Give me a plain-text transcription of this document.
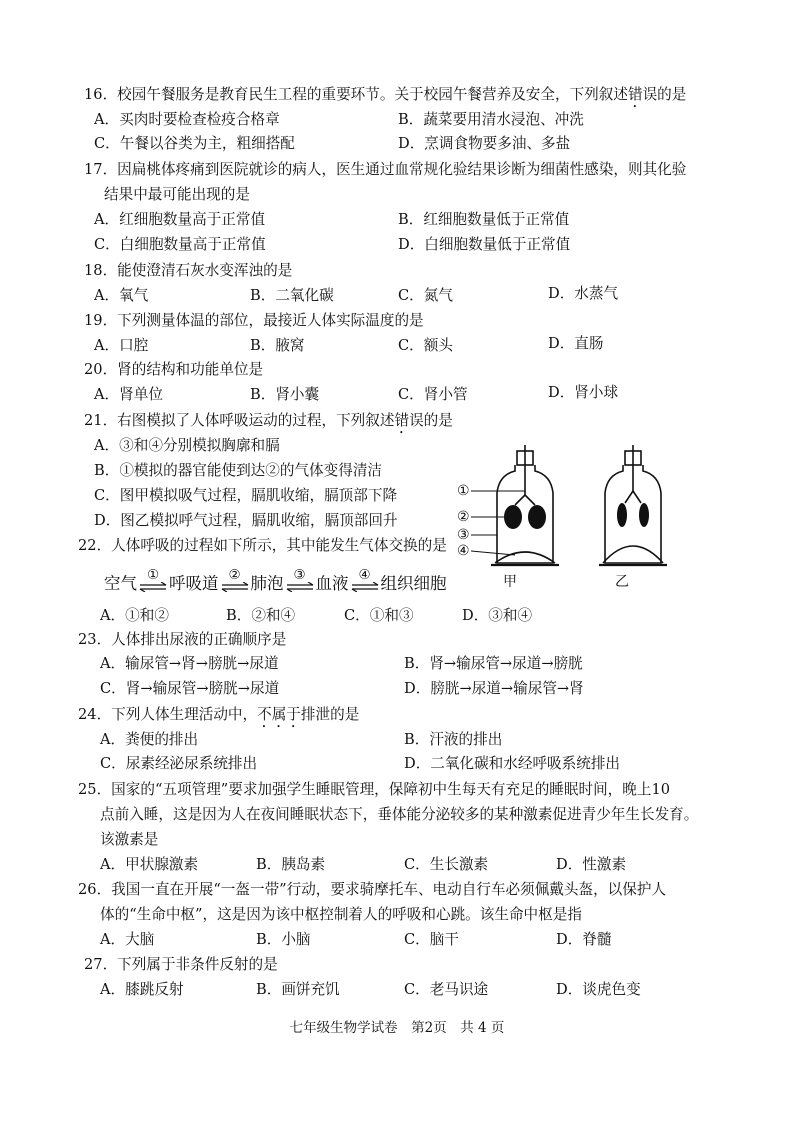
16．校园午餐服务是教育民生工程的重要环节。关于校园午餐营养及安全，下列叙述错误的是
A．买肉时要检查检疫合格章	B．蔬菜要用清水浸泡、冲洗
C．午餐以谷类为主，粗细搭配	D．烹调食物要多油、多盐
17．因扁桃体疼痛到医院就诊的病人，医生通过血常规化验结果诊断为细菌性感染，则其化验
结果中最可能出现的是
A．红细胞数量高于正常值	B．红细胞数量低于正常值
C．白细胞数量高于正常值	D．白细胞数量低于正常值
18．能使澄清石灰水变浑浊的是
A．氧气	B．二氧化碳	C．氮气	D．水蒸气
19．下列测量体温的部位，最接近人体实际温度的是
A．口腔	B．腋窝	C．额头	D．直肠
20．肾的结构和功能单位是
A．肾单位	B．肾小囊	C．肾小管	D．肾小球
21．右图模拟了人体呼吸运动的过程，下列叙述错误的是
A．③和④分别模拟胸廓和膈
B．①模拟的器官能使到达②的气体变得清洁
C．图甲模拟吸气过程，膈肌收缩，膈顶部下降
D．图乙模拟呼气过程，膈肌收缩，膈顶部回升
①
②
③
④
甲	乙
22．人体呼吸的过程如下所示，其中能发生气体交换的是
空气 ① 呼吸道 ② 肺泡 ③ 血液 ④ 组织细胞
A．①和②	B．②和④	C．①和③	D．③和④
23．人体排出尿液的正确顺序是
A．输尿管→肾→膀胱→尿道	B．肾→输尿管→尿道→膀胱
C．肾→输尿管→膀胱→尿道	D．膀胱→尿道→输尿管→肾
24．下列人体生理活动中，不属于排泄的是
A．粪便的排出	B．汗液的排出
C．尿素经泌尿系统排出	D．二氧化碳和水经呼吸系统排出
25．国家的“五项管理”要求加强学生睡眠管理，保障初中生每天有充足的睡眠时间，晚上10
点前入睡，这是因为人在夜间睡眠状态下，垂体能分泌较多的某种激素促进青少年生长发育。
该激素是
A．甲状腺激素	B．胰岛素	C．生长激素	D．性激素
26．我国一直在开展“一盔一带”行动，要求骑摩托车、电动自行车必须佩戴头盔，以保护人
体的“生命中枢”，这是因为该中枢控制着人的呼吸和心跳。该生命中枢是指
A．大脑	B．小脑	C．脑干	D．脊髓
27．下列属于非条件反射的是
A．膝跳反射	B．画饼充饥	C．老马识途	D．谈虎色变
七年级生物学试卷　第2页　共 4 页
